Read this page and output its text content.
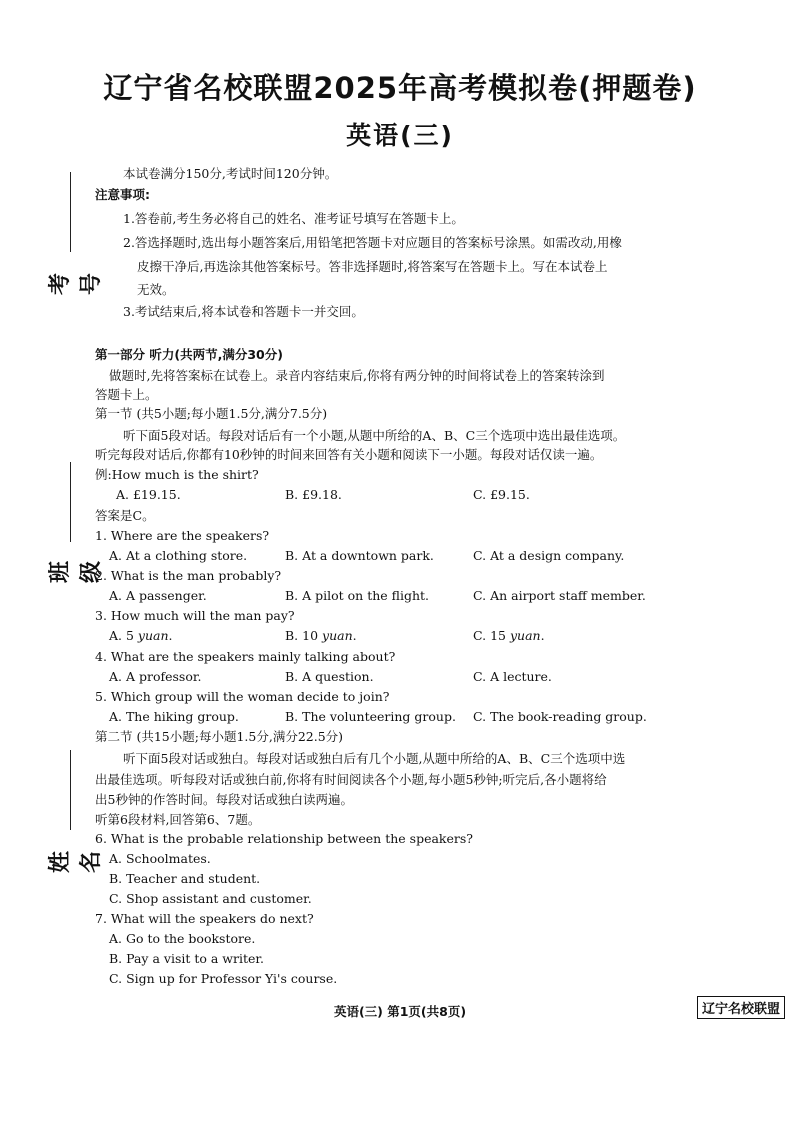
辽宁省名校联盟2025年高考模拟卷(押题卷)
英语(三)
考号
班级
姓名
本试卷满分150分,考试时间120分钟。
注意事项:
1.答卷前,考生务必将自己的姓名、准考证号填写在答题卡上。
2.答选择题时,选出每小题答案后,用铅笔把答题卡对应题目的答案标号涂黑。如需改动,用橡
皮擦干净后,再选涂其他答案标号。答非选择题时,将答案写在答题卡上。写在本试卷上
无效。
3.考试结束后,将本试卷和答题卡一并交回。
第一部分 听力(共两节,满分30分)
做题时,先将答案标在试卷上。录音内容结束后,你将有两分钟的时间将试卷上的答案转涂到
答题卡上。
第一节 (共5小题;每小题1.5分,满分7.5分)
听下面5段对话。每段对话后有一个小题,从题中所给的A、B、C三个选项中选出最佳选项。
听完每段对话后,你都有10秒钟的时间来回答有关小题和阅读下一小题。每段对话仅读一遍。
例:How much is the shirt?
A. £19.15.	B. £9.18.	C. £9.15.
答案是C。
1. Where are the speakers?
A. At a clothing store.	B. At a downtown park.	C. At a design company.
2. What is the man probably?
A. A passenger.	B. A pilot on the flight.	C. An airport staff member.
3. How much will the man pay?
A. 5 yuan.	B. 10 yuan.	C. 15 yuan.
4. What are the speakers mainly talking about?
A. A professor.	B. A question.	C. A lecture.
5. Which group will the woman decide to join?
A. The hiking group.	B. The volunteering group. C. The book-reading group.
第二节 (共15小题;每小题1.5分,满分22.5分)
听下面5段对话或独白。每段对话或独白后有几个小题,从题中所给的A、B、C三个选项中选
出最佳选项。听每段对话或独白前,你将有时间阅读各个小题,每小题5秒钟;听完后,各小题将给
出5秒钟的作答时间。每段对话或独白读两遍。
听第6段材料,回答第6、7题。
6. What is the probable relationship between the speakers?
A. Schoolmates.
B. Teacher and student.
C. Shop assistant and customer.
7. What will the speakers do next?
A. Go to the bookstore.
B. Pay a visit to a writer.
C. Sign up for Professor Yi's course.
英语(三) 第1页(共8页)	辽宁名校联盟
